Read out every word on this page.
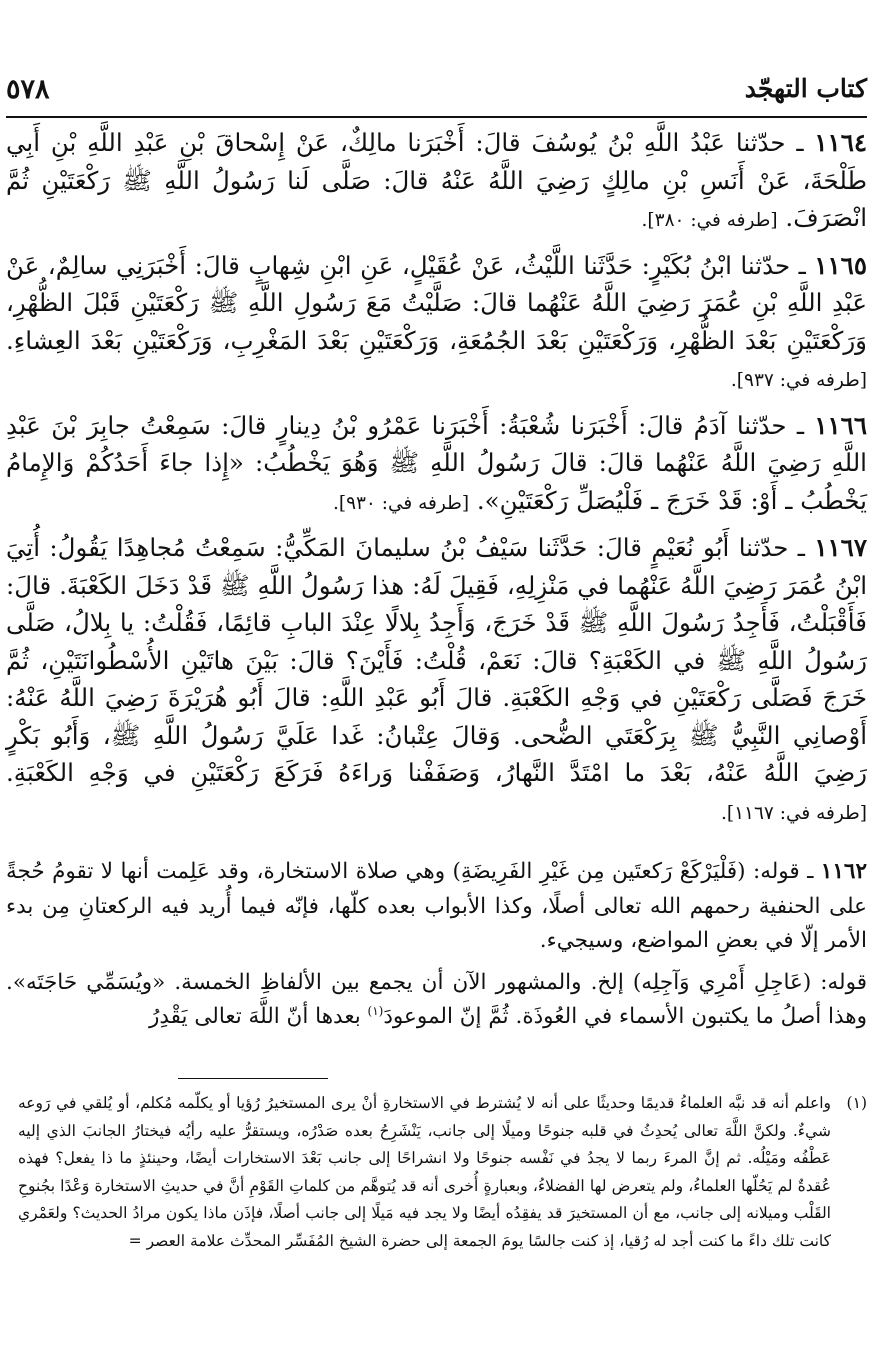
كتاب التهجّد
٥٧٨

١١٦٤ ـ حدّثنا عَبْدُ اللَّهِ بْنُ يُوسُفَ قالَ: أَخْبَرَنا مالِكٌ، عَنْ إِسْحاقَ بْنِ عَبْدِ اللَّهِ بْنِ أَبِي طَلْحَةَ، عَنْ أَنَسِ بْنِ مالِكٍ رَضِيَ اللَّهُ عَنْهُ قالَ: صَلَّى لَنا رَسُولُ اللَّهِ ﷺ رَكْعَتَيْنِ ثُمَّ انْصَرَفَ. [طرفه في: ٣٨٠].

١١٦٥ ـ حدّثنا ابْنُ بُكَيْرٍ: حَدَّثَنا اللَّيْثُ، عَنْ عُقَيْلٍ، عَنِ ابْنِ شِهابٍ قالَ: أَخْبَرَنِي سالِمٌ، عَنْ عَبْدِ اللَّهِ بْنِ عُمَرَ رَضِيَ اللَّهُ عَنْهُما قالَ: صَلَّيْتُ مَعَ رَسُولِ اللَّهِ ﷺ رَكْعَتَيْنِ قَبْلَ الظُّهْرِ، وَرَكْعَتَيْنِ بَعْدَ الظُّهْرِ، وَرَكْعَتَيْنِ بَعْدَ الجُمُعَةِ، وَرَكْعَتَيْنِ بَعْدَ المَغْرِبِ، وَرَكْعَتَيْنِ بَعْدَ العِشاءِ. [طرفه في: ٩٣٧].

١١٦٦ ـ حدّثنا آدَمُ قالَ: أَخْبَرَنا شُعْبَةُ: أَخْبَرَنا عَمْرُو بْنُ دِينارٍ قالَ: سَمِعْتُ جابِرَ بْنَ عَبْدِ اللَّهِ رَضِيَ اللَّهُ عَنْهُما قالَ: قالَ رَسُولُ اللَّهِ ﷺ وَهُوَ يَخْطُبُ: «إِذا جاءَ أَحَدُكُمْ وَالإِمامُ يَخْطُبُ ـ أَوْ: قَدْ خَرَجَ ـ فَلْيُصَلِّ رَكْعَتَيْنِ». [طرفه في: ٩٣٠].

١١٦٧ ـ حدّثنا أَبُو نُعَيْمٍ قالَ: حَدَّثَنا سَيْفُ بْنُ سليمانَ المَكِّيُّ: سَمِعْتُ مُجاهِدًا يَقُولُ: أُتِيَ ابْنُ عُمَرَ رَضِيَ اللَّهُ عَنْهُما في مَنْزِلِهِ، فَقِيلَ لَهُ: هذا رَسُولُ اللَّهِ ﷺ قَدْ دَخَلَ الكَعْبَةَ. قالَ: فَأَقْبَلْتُ، فَأَجِدُ رَسُولَ اللَّهِ ﷺ قَدْ خَرَجَ، وَأَجِدُ بِلالًا عِنْدَ البابِ قائِمًا، فَقُلْتُ: يا بِلالُ، صَلَّى رَسُولُ اللَّهِ ﷺ في الكَعْبَةِ؟ قالَ: نَعَمْ، قُلْتُ: فَأَيْنَ؟ قالَ: بَيْنَ هاتَيْنِ الأُسْطُوانَتَيْنِ، ثُمَّ خَرَجَ فَصَلَّى رَكْعَتَيْنِ في وَجْهِ الكَعْبَةِ. قالَ أَبُو عَبْدِ اللَّهِ: قالَ أَبُو هُرَيْرَةَ رَضِيَ اللَّهُ عَنْهُ: أَوْصانِي النَّبِيُّ ﷺ بِرَكْعَتَي الضُّحى. وَقالَ عِتْبانُ: غَدا عَلَيَّ رَسُولُ اللَّهِ ﷺ، وَأَبُو بَكْرٍ رَضِيَ اللَّهُ عَنْهُ، بَعْدَ ما امْتَدَّ النَّهارُ، وَصَفَفْنا وَراءَهُ فَرَكَعَ رَكْعَتَيْنِ في وَجْهِ الكَعْبَةِ. [طرفه في: ١١٦٧].

١١٦٢ ـ قوله: (فَلْيَرْكَعْ رَكعتَين مِن غَيْرِ الفَرِيضَةِ) وهي صلاة الاستخارة، وقد عَلِمت أنها لا تقومُ حُجةً على الحنفية رحمهم الله تعالى أصلًا، وكذا الأبواب بعده كلّها، فإنّه فيما أُريد فيه الركعتانِ مِن بدء الأمر إلّا في بعضِ المواضع، وسيجيء.

قوله: (عَاجِلِ أَمْرِي وَآجِلِه) إلخ. والمشهور الآن أن يجمع بين الألفاظِ الخمسة. «ويُسَمِّي حَاجَتَه». وهذا أصلُ ما يكتبون الأسماء في العُوذَة. ثُمَّ إنّ الموعودَ$^{(١)}$ بعدها أنّ اللَّهَ تعالى يَقْدِرُ

(١)
واعلم أنه قد نبَّه العلماءُ قديمًا وحديثًا على أنه لا يُشترط في الاستخارةِ أنْ يرى المستخيرُ رُؤيا أو يكلّمه مُكلم، أو يُلقي في رَوعه شيءٌ. ولكنَّ اللَّهَ تعالى يُحدِثُ في قلبه جنوحًا وميلًا إلى جانب، يَنْشَرِحُ بعده صَدْرُه، ويستقرُّ عليه رأيُه فيختارُ الجانبَ الذي إليه عَطْفُه ومَيْلُه. ثم إنَّ المرءَ ربما لا يجدُ في نَفْسه جنوحًا ولا انشراحًا إلى جانب بَعْدَ الاستخارات أيضًا، وحينئذٍ ما ذا يفعل؟ فهذه عُقدةٌ لم يَحُلّها العلماءُ، ولم يتعرض لها الفضلاءُ، وبعبارةٍ أُخرى أنه قد يُتوهَّم من كلماتِ القَوْمِ أنَّ في حديثِ الاستخارة وَعْدًا بجُنوحِ القَلْب وميلانه إلى جانب، مع أن المستخيرَ قد يفقِدُه أيضًا ولا يجد فيه مَيلًا إلى جانب أصلًا، فإذَن ماذا يكون مرادُ الحديث؟ ولعَمْري كانت تلك داءً ما كنت أجد له رُقيا، إذ كنت جالسًا يومَ الجمعة إلى حضرة الشيخ المُفَسِّر المحدِّث علامة العصر =
